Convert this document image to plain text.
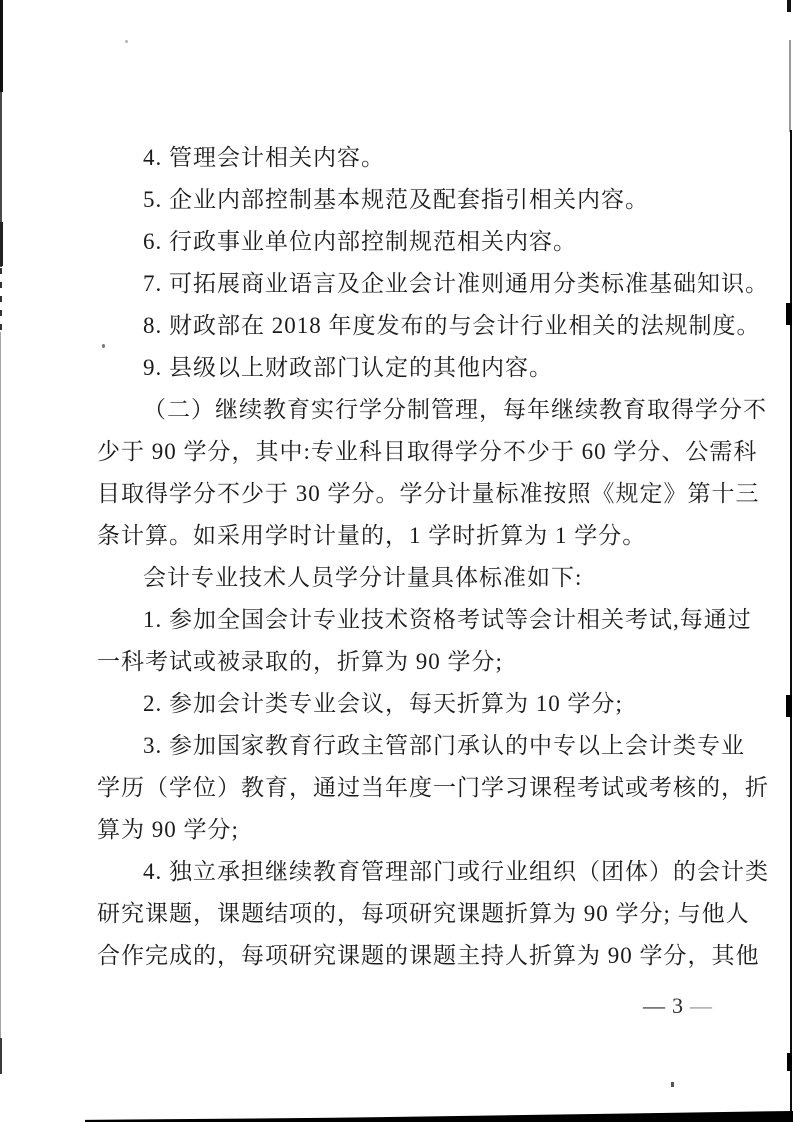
4. 管理会计相关内容。
5. 企业内部控制基本规范及配套指引相关内容。
6. 行政事业单位内部控制规范相关内容。
7. 可拓展商业语言及企业会计准则通用分类标准基础知识。
8. 财政部在 2018 年度发布的与会计行业相关的法规制度。
9. 县级以上财政部门认定的其他内容。
（二）继续教育实行学分制管理，每年继续教育取得学分不
少于 90 学分，其中:专业科目取得学分不少于 60 学分、公需科
目取得学分不少于 30 学分。学分计量标准按照《规定》第十三
条计算。如采用学时计量的，1 学时折算为 1 学分。
会计专业技术人员学分计量具体标准如下:
1. 参加全国会计专业技术资格考试等会计相关考试,每通过
一科考试或被录取的，折算为 90 学分;
2. 参加会计类专业会议，每天折算为 10 学分;
3. 参加国家教育行政主管部门承认的中专以上会计类专业
学历（学位）教育，通过当年度一门学习课程考试或考核的，折
算为 90 学分;
4. 独立承担继续教育管理部门或行业组织（团体）的会计类
研究课题，课题结项的，每项研究课题折算为 90 学分; 与他人
合作完成的，每项研究课题的课题主持人折算为 90 学分，其他
— 3 —
